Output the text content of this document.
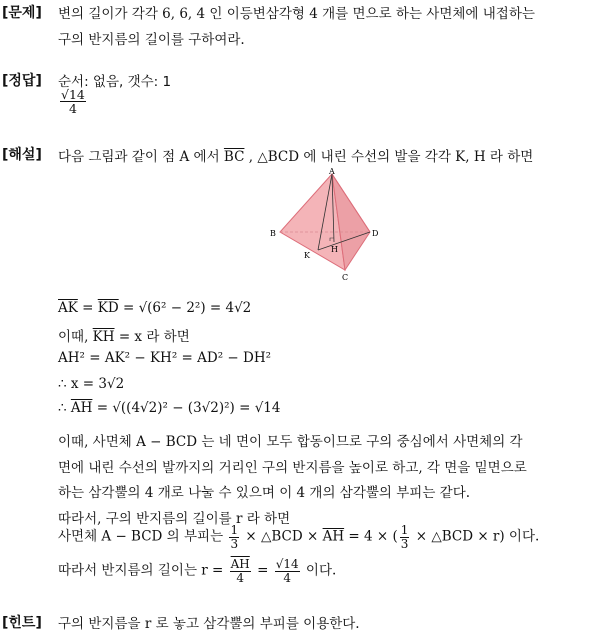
[문제] 변의 길이가 각각 6, 6, 4 인 이등변삼각형 4 개를 면으로 하는 사면체에 내접하는
구의 반지름의 길이를 구하여라.
[정답] 순서: 없음, 갯수: 1
$\frac{√14}{4}$
[해설] 다음 그림과 같이 점 A 에서 $\overline{BC}$ , △BCD 에 내린 수선의 발을 각각 K, H 라 하면
A
B	D
C
K
H
$\overline{AK} = \overline{KD} = √(6^2 - 2^2) = 4√2$
이때, $\overline{KH} = x$ 라 하면
AH² = AK² − KH² = AD² − DH²
∴ x = 3√2
∴ $\overline{AH} = √((4√2)^2 - (3√2)^2) = √14$
이때, 사면체 A − BCD 는 네 면이 모두 합동이므로 구의 중심에서 사면체의 각
면에 내린 수선의 발까지의 거리인 구의 반지름을 높이로 하고, 각 면을 밑면으로
하는 삼각뿔의 4 개로 나눌 수 있으며 이 4 개의 삼각뿔의 부피는 같다.
따라서, 구의 반지름의 길이를 r 라 하면
사면체 A − BCD 의 부피는 $\frac{1}{3}$ × △BCD × $\overline{AH} = 4$ × ( $\frac{1}{3}$ × △BCD × r) 이다.
따라서 반지름의 길이는 $r = \frac{\overline{AH}}{4} = \frac{√14}{4}$ 이다.
[힌트] 구의 반지름을 r 로 놓고 삼각뿔의 부피를 이용한다.
